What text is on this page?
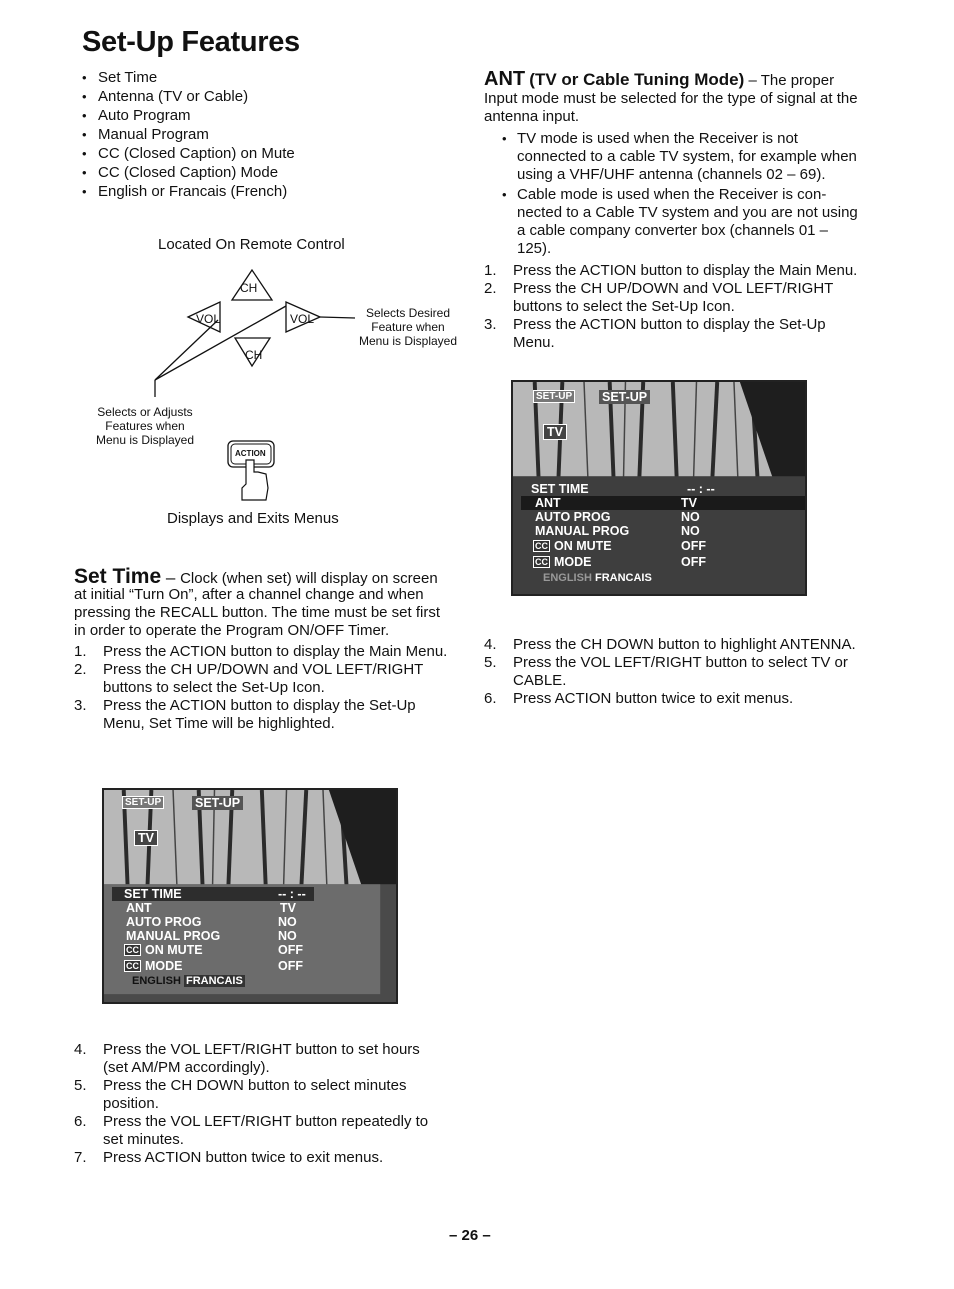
Set-Up Features
• Set Time
• Antenna (TV or Cable)
• Auto Program
• Manual Program
• CC (Closed Caption) on Mute
• CC (Closed Caption) Mode
• English or Francais (French)
Located On Remote Control
CH
CH
VOL	VOL	Selects Desired
Feature when
Menu is Displayed
Selects or Adjusts
Features when
Menu is Displayed
ACTION
Displays and Exits Menus
Set Time – Clock (when set) will display on screen
at initial “Turn On”, after a channel change and when
pressing the RECALL button. The time must be set first
in order to operate the Program ON/OFF Timer.
1. Press the ACTION button to display the Main Menu.
2. Press the CH UP/DOWN and VOL LEFT/RIGHT
buttons to select the Set-Up Icon.
3. Press the ACTION button to display the Set-Up
Menu, Set Time will be highlighted.
SET-UP	SET-UP
TV
SET TIME	-- : --
ANT	TV
AUTO PROG	NO
MANUAL PROG	NO
CC ON MUTE	OFF
CC MODE	OFF
ENGLISH FRANCAIS
4. Press the VOL LEFT/RIGHT button to set hours
(set AM/PM accordingly).
5. Press the CH DOWN button to select minutes
position.
6. Press the VOL LEFT/RIGHT button repeatedly to
set minutes.
7. Press ACTION button twice to exit menus.
ANT (TV or Cable Tuning Mode) – The proper
Input mode must be selected for the type of signal at the
antenna input.
• TV mode is used when the Receiver is not
connected to a cable TV system, for example when
using a VHF/UHF antenna (channels 02 – 69).
• Cable mode is used when the Receiver is con-
nected to a Cable TV system and you are not using
a cable company converter box (channels 01 –
125).
1. Press the ACTION button to display the Main Menu.
2. Press the CH UP/DOWN and VOL LEFT/RIGHT
buttons to select the Set-Up Icon.
3. Press the ACTION button to display the Set-Up
Menu.
SET-UP SET-UP
TV
SET TIME	-- : --
ANT	TV
AUTO PROG	NO
MANUAL PROG	NO
CC ON MUTE	OFF
CC MODE	OFF
ENGLISH FRANCAIS
4. Press the CH DOWN button to highlight ANTENNA.
5. Press the VOL LEFT/RIGHT button to select TV or
CABLE.
6. Press ACTION button twice to exit menus.
– 26 –
